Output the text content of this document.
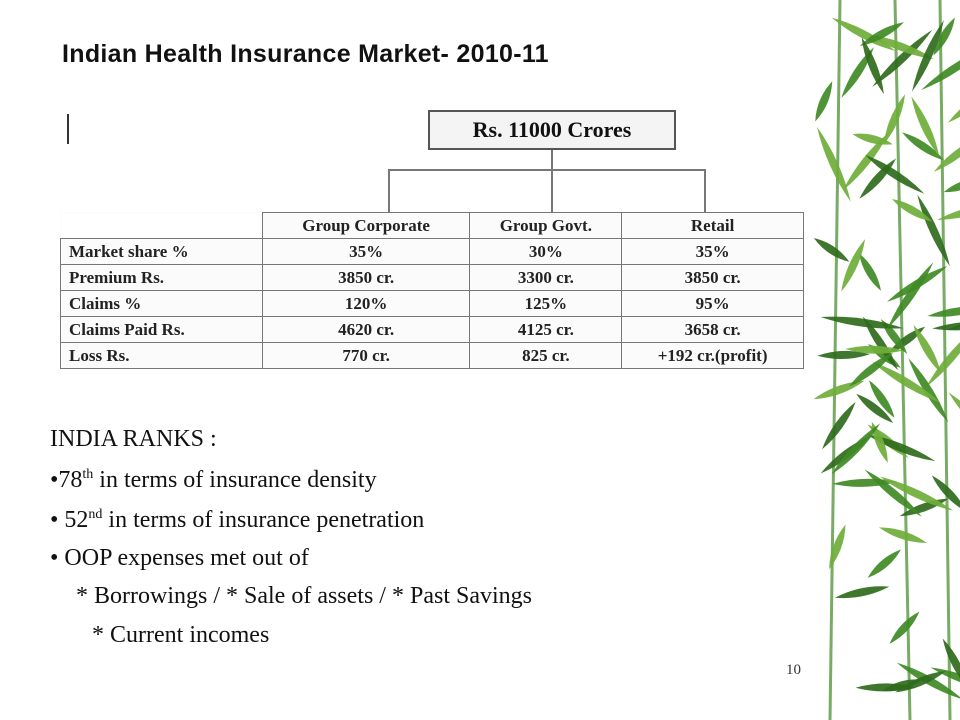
Indian Health Insurance Market- 2010-11
Rs. 11000 Crores
	Group Corporate	Group Govt.	Retail
Market share %	35%	30%	35%
Premium Rs.	3850 cr.	3300 cr.	3850 cr.
Claims %	120%	125%	95%
Claims Paid Rs.	4620 cr.	4125 cr.	3658 cr.
Loss Rs.	770 cr.	825 cr.	+192 cr.(profit)
INDIA RANKS :
•78th in terms of insurance density
• 52nd in terms of insurance penetration
• OOP expenses met out of
* Borrowings / * Sale of assets / * Past Savings
* Current incomes
10
